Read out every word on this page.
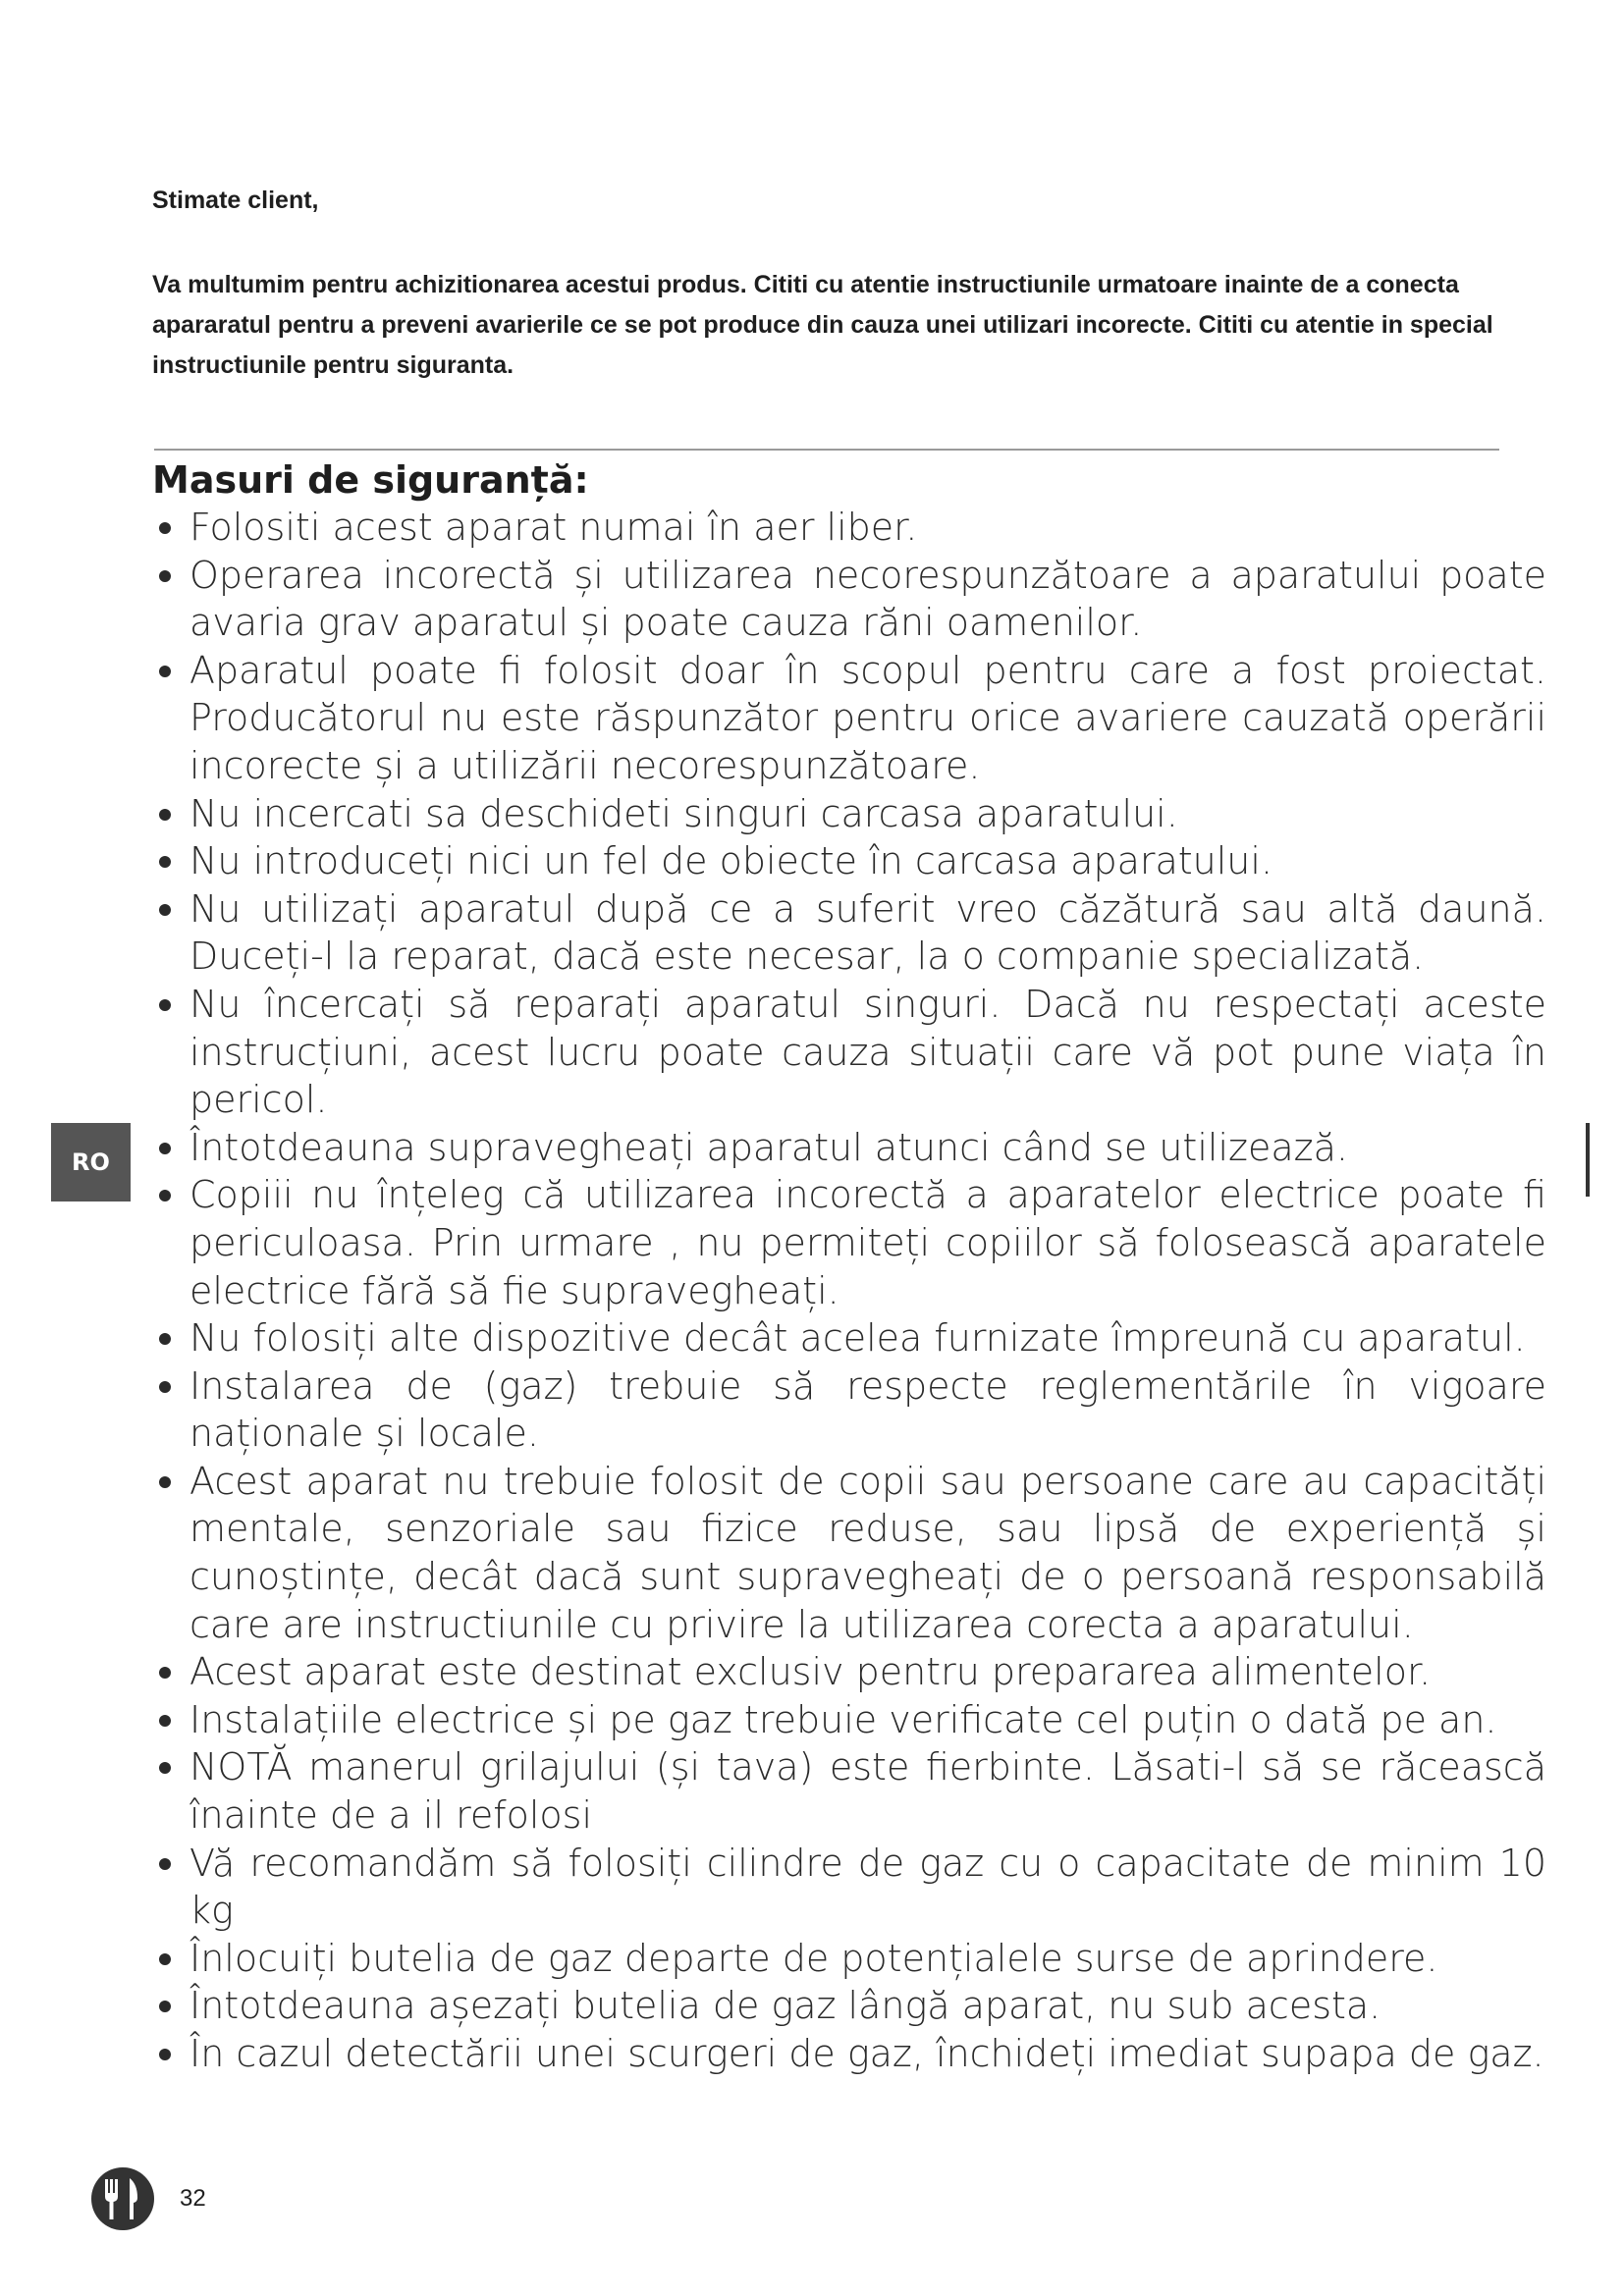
Stimate client,
Va multumim pentru achizitionarea acestui produs. Cititi cu atentie instructiunile urmatoare inainte de a conecta apararatul pentru a preveni avarierile ce se pot produce din cauza unei utilizari incorecte. Cititi cu atentie in special instructiunile pentru siguranta.
Masuri de siguranță:
Folositi acest aparat numai în aer liber.
Operarea incorectă și utilizarea necorespunzătoare a aparatului poate avaria grav aparatul și poate cauza răni oamenilor.
Aparatul poate fi folosit doar în scopul pentru care a fost proiectat. Producătorul nu este răspunzător pentru orice avariere cauzată operării incorecte și a utilizării necorespunzătoare.
Nu incercati sa deschideti singuri carcasa aparatului.
Nu introduceți nici un fel de obiecte în carcasa aparatului.
Nu utilizați aparatul după ce a suferit vreo căzătură sau altă daună. Duceți-l la reparat, dacă este necesar, la o companie specializată.
Nu încercați să reparați aparatul singuri. Dacă nu respectați aceste instrucțiuni, acest lucru poate cauza situații care vă pot pune viața în pericol.
Întotdeauna supravegheați aparatul atunci când se utilizează.
Copiii nu înțeleg că utilizarea incorectă a aparatelor electrice poate fi periculoasa. Prin urmare , nu permiteți copiilor să folosească aparatele electrice fără să fie supravegheați.
Nu folosiți alte dispozitive decât acelea furnizate împreună cu aparatul.
Instalarea de (gaz) trebuie să respecte reglementările în vigoare naționale și locale.
Acest aparat nu trebuie folosit de copii sau persoane care au capacități mentale, senzoriale sau fizice reduse, sau lipsă de experiență și cunoștințe, decât dacă sunt supravegheați de o persoană responsabilă care are instructiunile cu privire la utilizarea corecta a aparatului.
Acest aparat este destinat exclusiv pentru prepararea alimentelor.
Instalațiile electrice și pe gaz trebuie verificate cel puțin o dată pe an.
NOTĂ manerul grilajului (și tava) este fierbinte. Lăsati-l să se răcească înainte de a il refolosi
Vă recomandăm să folosiți cilindre de gaz cu o capacitate de minim 10 kg
Înlocuiți butelia de gaz departe de potențialele surse de aprindere.
Întotdeauna așezați butelia de gaz lângă aparat, nu sub acesta.
În cazul detectării unei scurgeri de gaz, închideți imediat supapa de gaz.
RO
32
